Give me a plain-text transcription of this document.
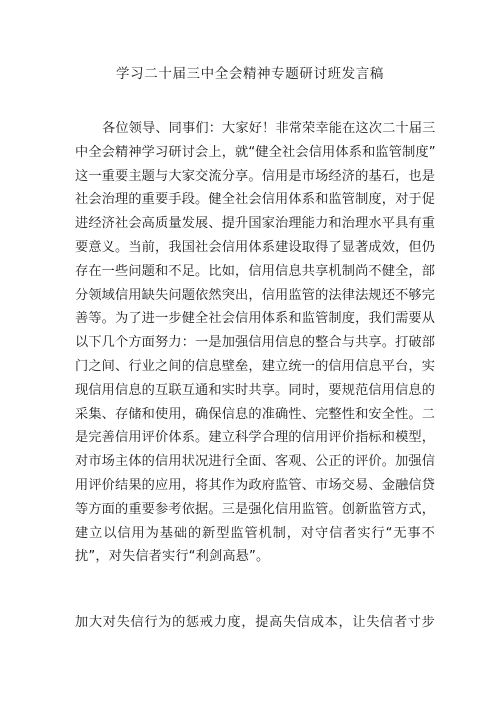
学习二十届三中全会精神专题研讨班发言稿
各位领导、同事们：大家好！非常荣幸能在这次二十届三
中全会精神学习研讨会上，就“健全社会信用体系和监管制度”
这一重要主题与大家交流分享。信用是市场经济的基石，也是
社会治理的重要手段。健全社会信用体系和监管制度，对于促
进经济社会高质量发展、提升国家治理能力和治理水平具有重
要意义。当前，我国社会信用体系建设取得了显著成效，但仍
存在一些问题和不足。比如，信用信息共享机制尚不健全，部
分领域信用缺失问题依然突出，信用监管的法律法规还不够完
善等。为了进一步健全社会信用体系和监管制度，我们需要从
以下几个方面努力：一是加强信用信息的整合与共享。打破部
门之间、行业之间的信息壁垒，建立统一的信用信息平台，实
现信用信息的互联互通和实时共享。同时，要规范信用信息的
采集、存储和使用，确保信息的准确性、完整性和安全性。二
是完善信用评价体系。建立科学合理的信用评价指标和模型，
对市场主体的信用状况进行全面、客观、公正的评价。加强信
用评价结果的应用，将其作为政府监管、市场交易、金融信贷
等方面的重要参考依据。三是强化信用监管。创新监管方式，
建立以信用为基础的新型监管机制，对守信者实行“无事不
扰”，对失信者实行“利剑高悬”。
加大对失信行为的惩戒力度，提高失信成本，让失信者寸步
